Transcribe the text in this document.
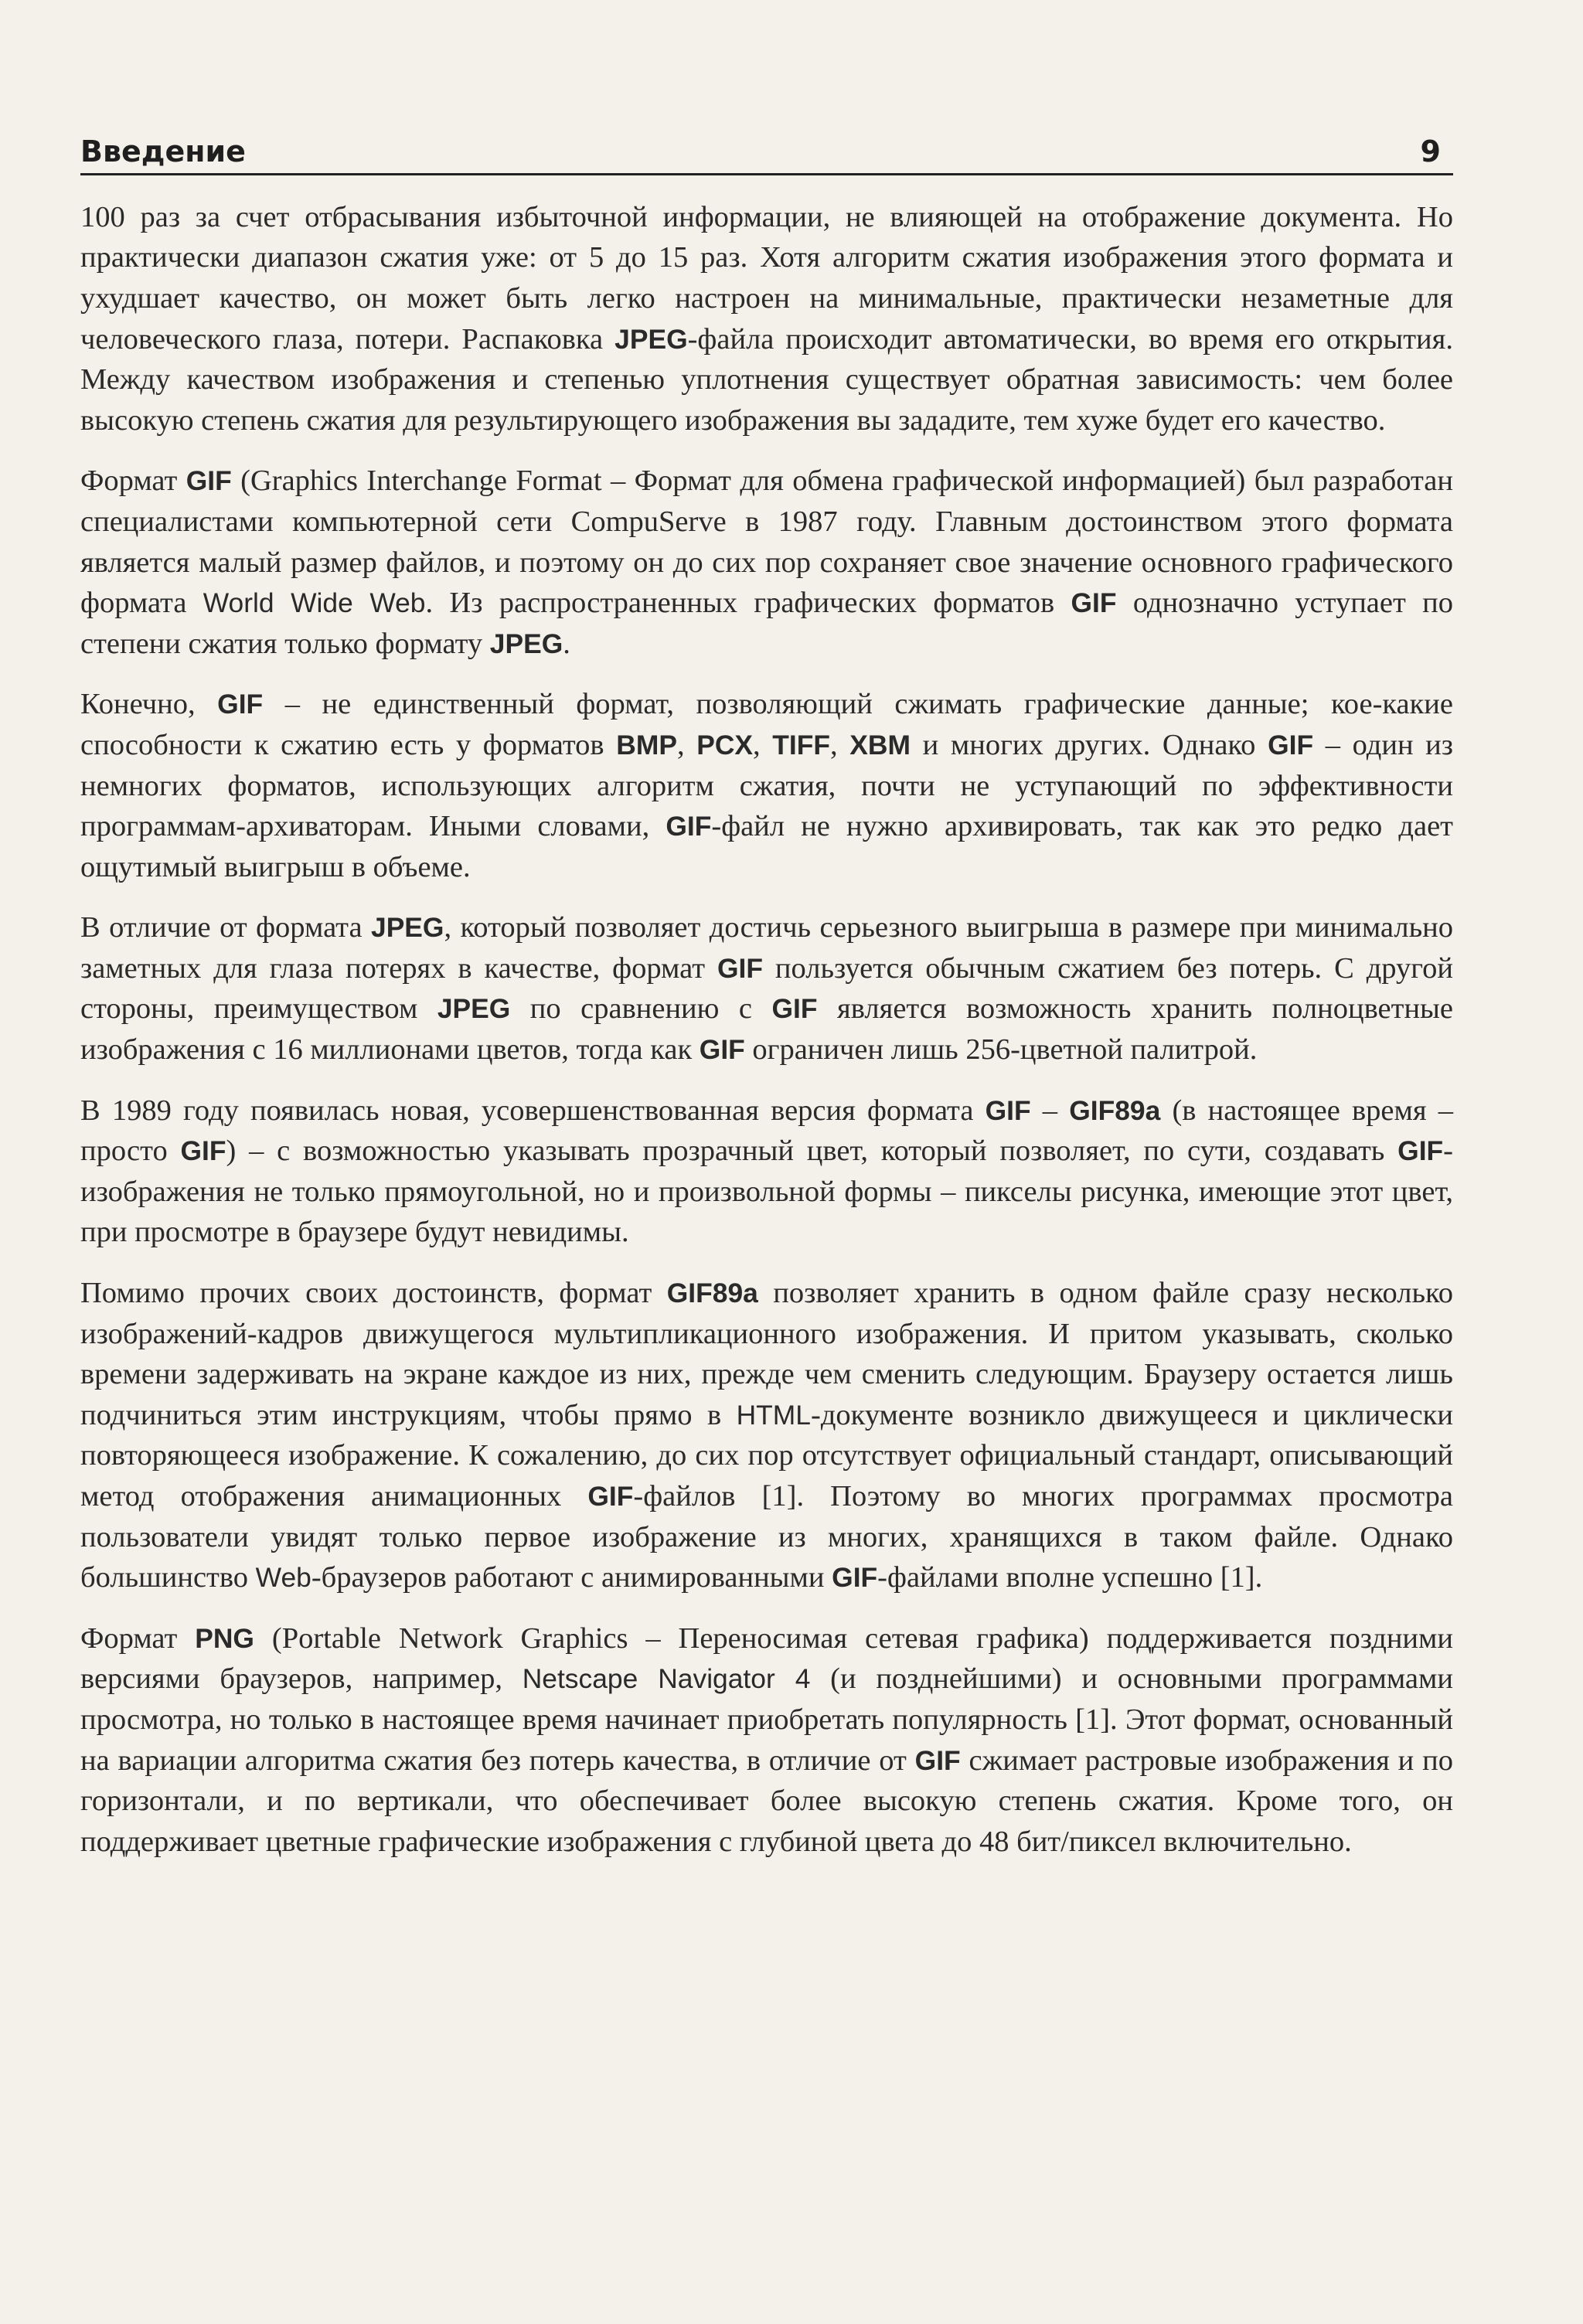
Введение	9

100 раз за счет отбрасывания избыточной информации, не влияющей на отображение документа. Но практически диапазон сжатия уже: от 5 до 15 раз. Хотя алгоритм сжатия изображения этого формата и ухудшает качество, он может быть легко настроен на минимальные, практически незаметные для человеческого глаза, потери. Распаковка JPEG-файла происходит автоматически, во время его открытия. Между качеством изображения и степенью уплотнения существует обратная зависимость: чем более высокую степень сжатия для результирующего изображения вы зададите, тем хуже будет его качество.

Формат GIF (Graphics Interchange Format – Формат для обмена графической информацией) был разработан специалистами компьютерной сети CompuServe в 1987 году. Главным достоинством этого формата является малый размер файлов, и поэтому он до сих пор сохраняет свое значение основного графического формата World Wide Web. Из распространенных графических форматов GIF однозначно уступает по степени сжатия только формату JPEG.

Конечно, GIF – не единственный формат, позволяющий сжимать графические данные; кое-какие способности к сжатию есть у форматов BMP, PCX, TIFF, XBM и многих других. Однако GIF – один из немногих форматов, использующих алгоритм сжатия, почти не уступающий по эффективности программам-архиваторам. Иными словами, GIF-файл не нужно архивировать, так как это редко дает ощутимый выигрыш в объеме.

В отличие от формата JPEG, который позволяет достичь серьезного выигрыша в размере при минимально заметных для глаза потерях в качестве, формат GIF пользуется обычным сжатием без потерь. С другой стороны, преимуществом JPEG по сравнению с GIF является возможность хранить полноцветные изображения с 16 миллионами цветов, тогда как GIF ограничен лишь 256-цветной палитрой.

В 1989 году появилась новая, усовершенствованная версия формата GIF – GIF89a (в настоящее время – просто GIF) – с возможностью указывать прозрачный цвет, который позволяет, по сути, создавать GIF-изображения не только прямоугольной, но и произвольной формы – пикселы рисунка, имеющие этот цвет, при просмотре в браузере будут невидимы.

Помимо прочих своих достоинств, формат GIF89a позволяет хранить в одном файле сразу несколько изображений-кадров движущегося мультипликационного изображения. И притом указывать, сколько времени задерживать на экране каждое из них, прежде чем сменить следующим. Браузеру остается лишь подчиниться этим инструкциям, чтобы прямо в HTML-документе возникло движущееся и циклически повторяющееся изображение. К сожалению, до сих пор отсутствует официальный стандарт, описывающий метод отображения анимационных GIF-файлов [1]. Поэтому во многих программах просмотра пользователи увидят только первое изображение из многих, хранящихся в таком файле. Однако большинство Web-браузеров работают с анимированными GIF-файлами вполне успешно [1].

Формат PNG (Portable Network Graphics – Переносимая сетевая графика) поддерживается поздними версиями браузеров, например, Netscape Navigator 4 (и позднейшими) и основными программами просмотра, но только в настоящее время начинает приобретать популярность [1]. Этот формат, основанный на вариации алгоритма сжатия без потерь качества, в отличие от GIF сжимает растровые изображения и по горизонтали, и по вертикали, что обеспечивает более высокую степень сжатия. Кроме того, он поддерживает цветные графические изображения с глубиной цвета до 48 бит/пиксел включительно.
